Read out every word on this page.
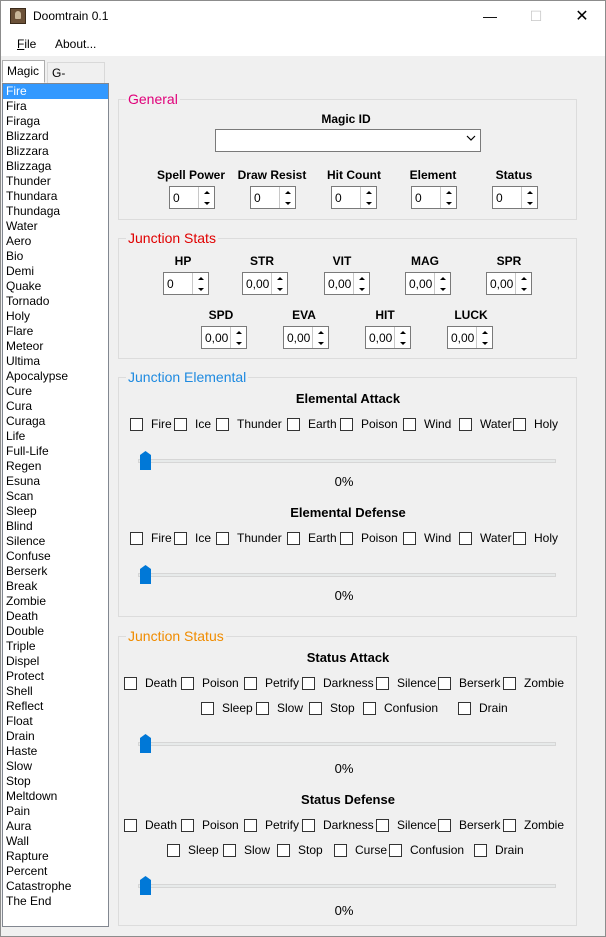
Doomtrain 0.1	—	☐	✕
File About...
Magic	G-
Fire
Fira
Firaga
Blizzard
Blizzara
Blizzaga
Thunder
Thundara
Thundaga
Water
Aero
Bio
Demi
Quake
Tornado
Holy
Flare
Meteor
Ultima
Apocalypse
Cure
Cura
Curaga
Life
Full-Life
Regen
Esuna
Scan
Sleep
Blind
Silence
Confuse
Berserk
Break
Zombie
Death
Double
Triple
Dispel
Protect
Shell
Reflect
Float
Drain
Haste
Slow
Stop
Meltdown
Pain
Aura
Wall
Rapture
Percent
Catastrophe
The End
General
Magic ID
Spell Power
0
Draw Resist
0
Hit Count
0
Element
0
Status
0
Junction Stats
HP
0
STR
0,00
VIT
0,00
MAG
0,00
SPR
0,00
SPD
0,00
EVA
0,00
HIT
0,00
LUCK
0,00
Junction Elemental
Elemental Attack
Fire Ice Thunder Earth Poison Wind Water Holy
0%
Elemental Defense
Fire Ice Thunder Earth Poison Wind Water Holy
0%
Junction Status
Status Attack
Death Poison Petrify Darkness Silence Berserk Zombie
Sleep Slow Stop Confusion	Drain
0%
Status Defense
Death Poison Petrify Darkness Silence Berserk Zombie
Sleep Slow Stop	Curse Confusion	Drain
0%
